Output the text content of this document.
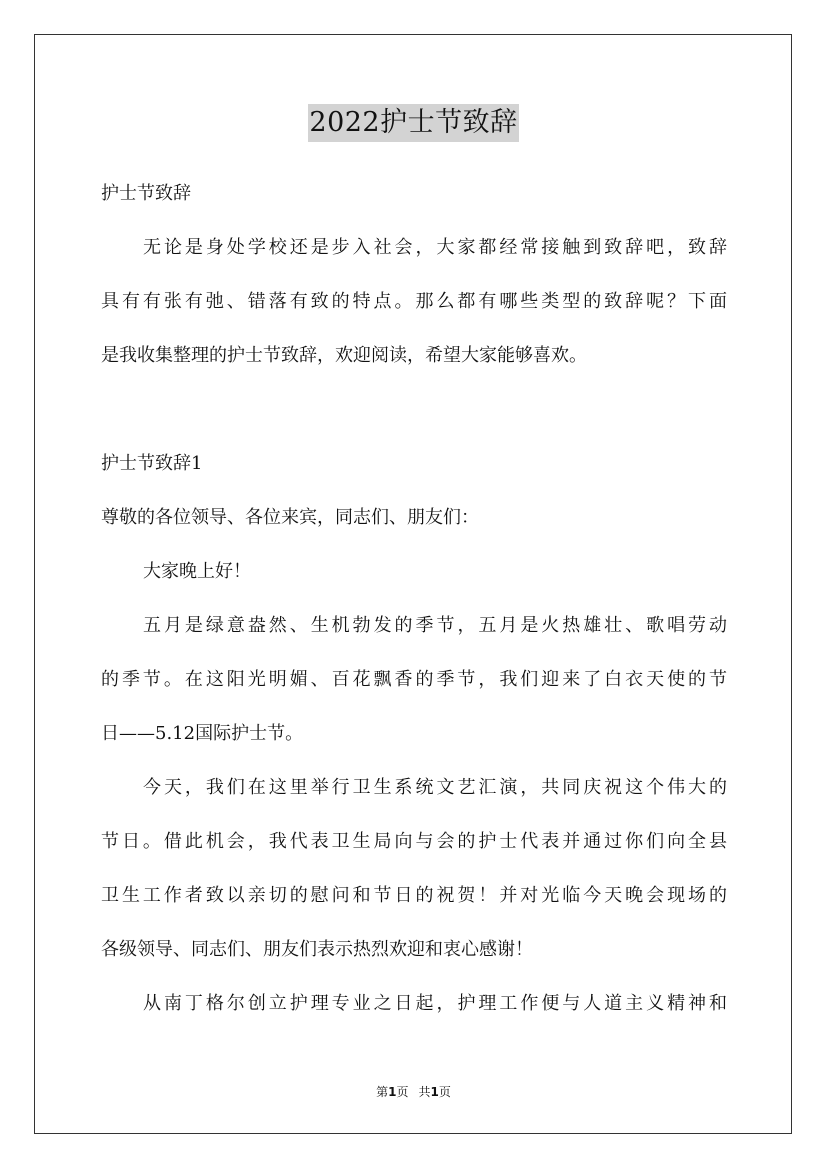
2022护士节致辞
护士节致辞
无论是身处学校还是步入社会，大家都经常接触到致辞吧，致辞
具有有张有弛、错落有致的特点。那么都有哪些类型的致辞呢？下面
是我收集整理的护士节致辞，欢迎阅读，希望大家能够喜欢。
护士节致辞1
尊敬的各位领导、各位来宾，同志们、朋友们：
大家晚上好！
五月是绿意盎然、生机勃发的季节，五月是火热雄壮、歌唱劳动
的季节。在这阳光明媚、百花飘香的季节，我们迎来了白衣天使的节
日——5.12国际护士节。
今天，我们在这里举行卫生系统文艺汇演，共同庆祝这个伟大的
节日。借此机会，我代表卫生局向与会的护士代表并通过你们向全县
卫生工作者致以亲切的慰问和节日的祝贺！并对光临今天晚会现场的
各级领导、同志们、朋友们表示热烈欢迎和衷心感谢！
从南丁格尔创立护理专业之日起，护理工作便与人道主义精神和
第1页 共1页
